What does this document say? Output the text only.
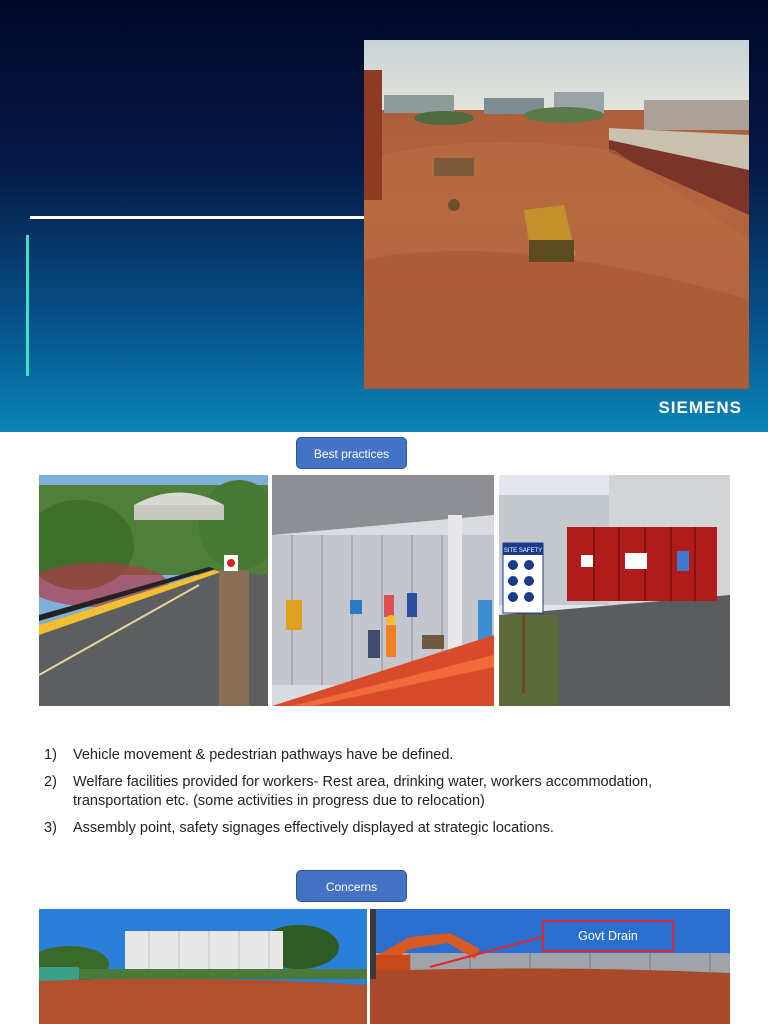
SIEMENS
Best practices
SITE SAFETY
1)	Vehicle movement & pedestrian pathways have be defined.
2)	Welfare facilities provided for workers- Rest area, drinking water, workers accommodation, transportation etc. (some activities in progress due to relocation)
3)	Assembly point, safety signages effectively displayed at strategic locations.
Concerns
Govt Drain
